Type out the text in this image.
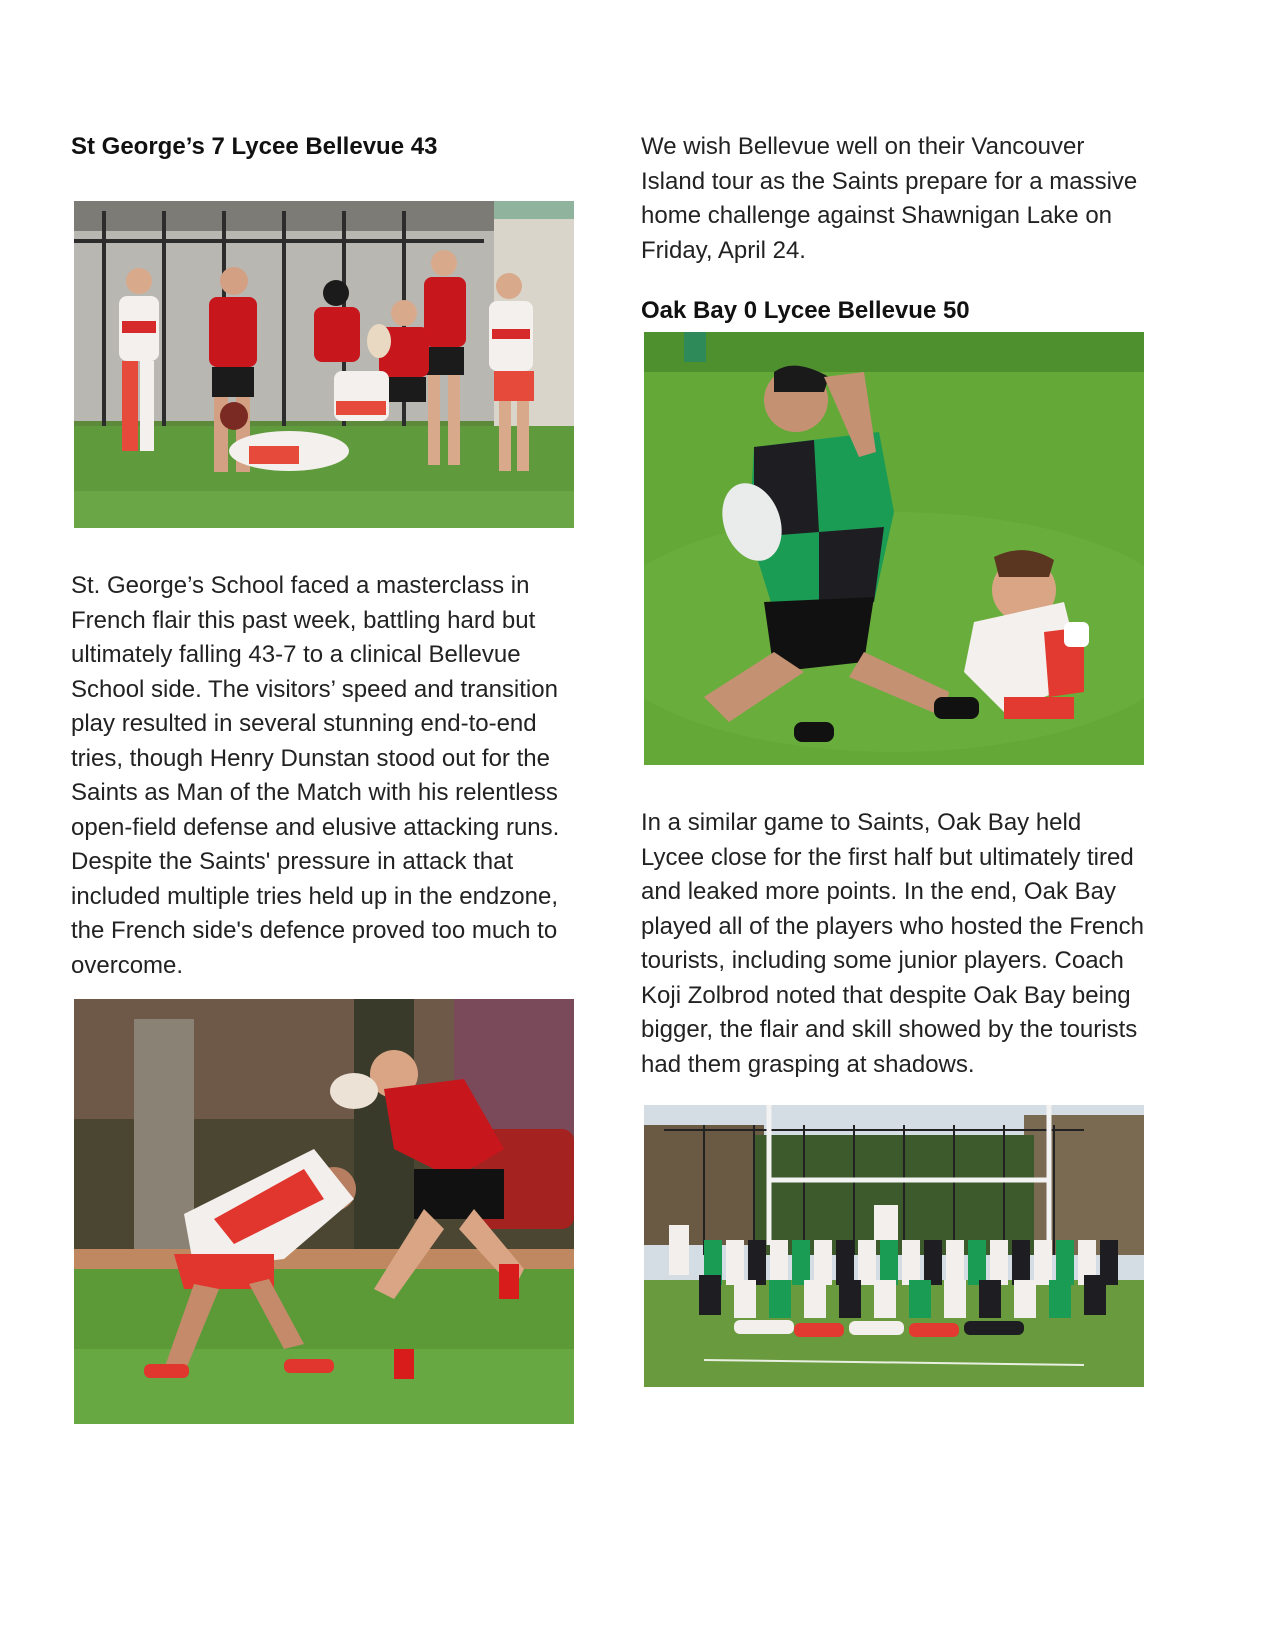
St George’s 7 Lycee Bellevue 43

St. George’s School faced a masterclass in French flair this past week, battling hard but ultimately falling 43-7 to a clinical Bellevue School side. The visitors’ speed and transition play resulted in several stunning end-to-end tries, though Henry Dunstan stood out for the Saints as Man of the Match with his relentless open-field defense and elusive attacking runs. Despite the Saints' pressure in attack that included multiple tries held up in the endzone, the French side's defence proved too much to overcome.

We wish Bellevue well on their Vancouver Island tour as the Saints prepare for a massive home challenge against Shawnigan Lake on Friday, April 24.

Oak Bay 0 Lycee Bellevue 50

In a similar game to Saints, Oak Bay held Lycee close for the first half but ultimately tired and leaked more points. In the end, Oak Bay played all of the players who hosted the French tourists, including some junior players. Coach Koji Zolbrod noted that despite Oak Bay being bigger, the flair and skill showed by the tourists had them grasping at shadows.
